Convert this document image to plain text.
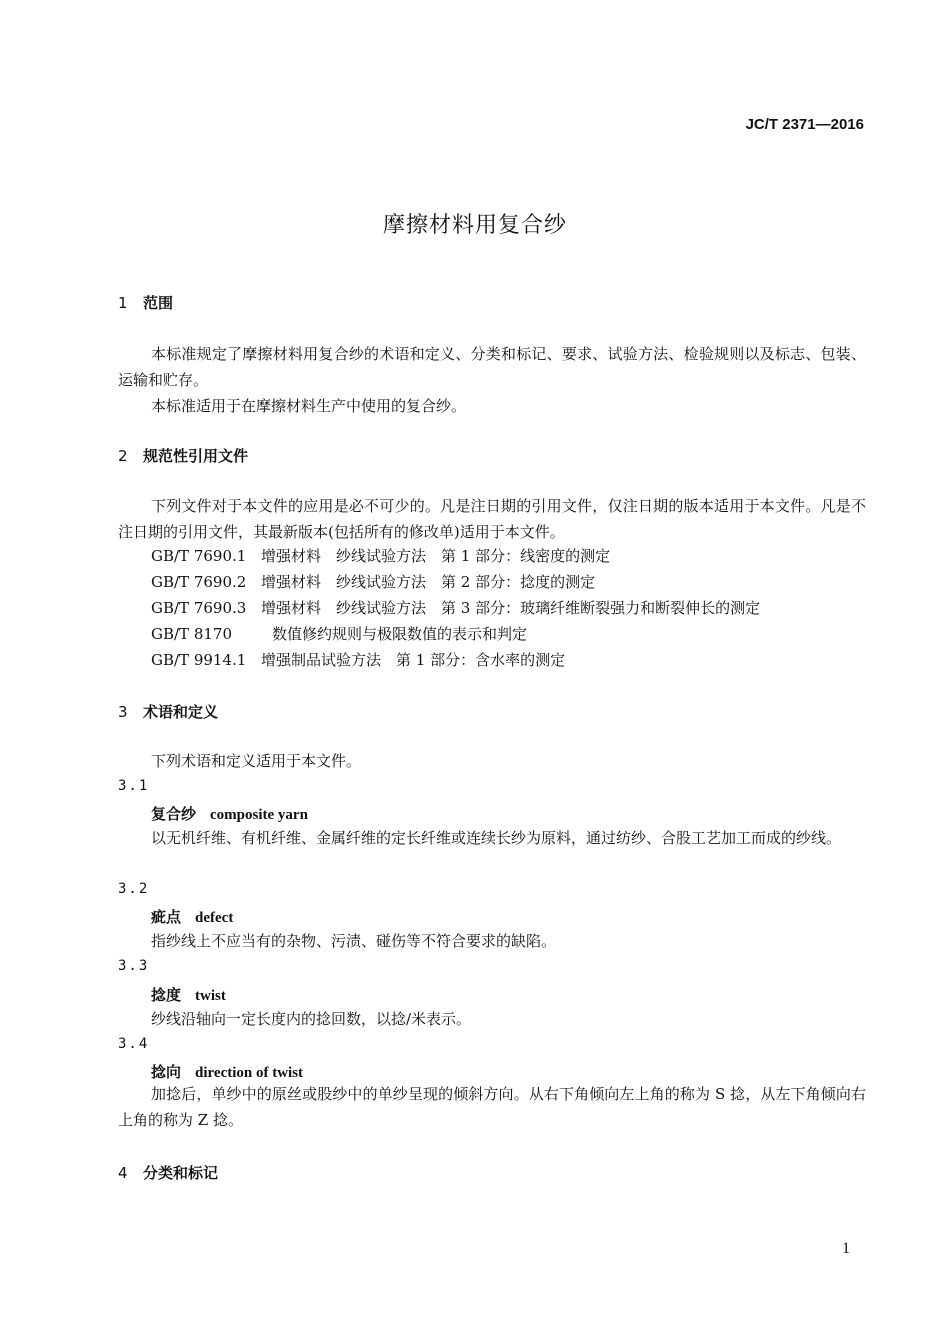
JC/T 2371—2016
摩擦材料用复合纱
1 范围
本标准规定了摩擦材料用复合纱的术语和定义、分类和标记、要求、试验方法、检验规则以及标志、包装、运输和贮存。
本标准适用于在摩擦材料生产中使用的复合纱。
2 规范性引用文件
下列文件对于本文件的应用是必不可少的。凡是注日期的引用文件，仅注日期的版本适用于本文件。凡是不注日期的引用文件，其最新版本(包括所有的修改单)适用于本文件。
GB/T 7690.1 增强材料　纱线试验方法　第 1 部分：线密度的测定
GB/T 7690.2 增强材料　纱线试验方法　第 2 部分：捻度的测定
GB/T 7690.3 增强材料　纱线试验方法　第 3 部分：玻璃纤维断裂强力和断裂伸长的测定
GB/T 8170	数值修约规则与极限数值的表示和判定
GB/T 9914.1 增强制品试验方法　第 1 部分：含水率的测定
3 术语和定义
下列术语和定义适用于本文件。
3.1
复合纱 composite yarn
以无机纤维、有机纤维、金属纤维的定长纤维或连续长纱为原料，通过纺纱、合股工艺加工而成的纱线。
3.2
疵点 defect
指纱线上不应当有的杂物、污渍、碰伤等不符合要求的缺陷。
3.3
捻度 twist
纱线沿轴向一定长度内的捻回数，以捻/米表示。
3.4
捻向 direction of twist
加捻后，单纱中的原丝或股纱中的单纱呈现的倾斜方向。从右下角倾向左上角的称为 S 捻，从左下角倾向右上角的称为 Z 捻。
4 分类和标记
1
